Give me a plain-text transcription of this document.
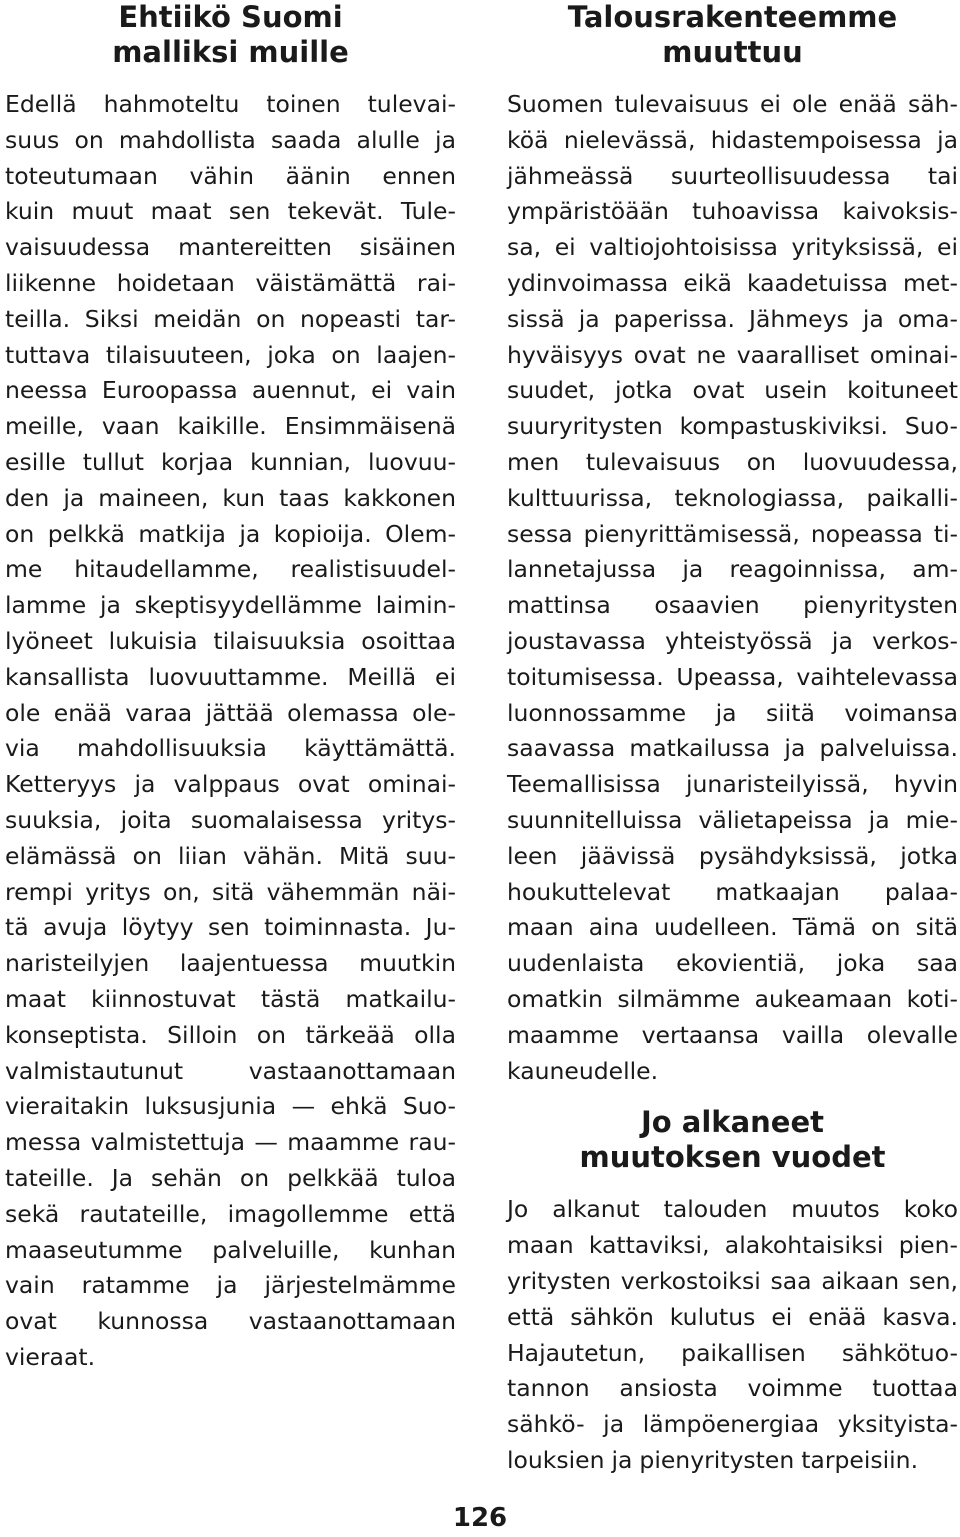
Ehtiikö Suomi
malliksi muille
Edellä hahmoteltu toinen tulevai-
suus on mahdollista saada alulle ja
toteutumaan vähin äänin ennen
kuin muut maat sen tekevät. Tule-
vaisuudessa mantereitten sisäinen
liikenne hoidetaan väistämättä rai-
teilla. Siksi meidän on nopeasti tar-
tuttava tilaisuuteen, joka on laajen-
neessa Euroopassa auennut, ei vain
meille, vaan kaikille. Ensimmäisenä
esille tullut korjaa kunnian, luovuu-
den ja maineen, kun taas kakkonen
on pelkkä matkija ja kopioija. Olem-
me hitaudellamme, realistisuudel-
lamme ja skeptisyydellämme laimin-
lyöneet lukuisia tilaisuuksia osoittaa
kansallista luovuuttamme. Meillä ei
ole enää varaa jättää olemassa ole-
via mahdollisuuksia käyttämättä.
Ketteryys ja valppaus ovat ominai-
suuksia, joita suomalaisessa yritys-
elämässä on liian vähän. Mitä suu-
rempi yritys on, sitä vähemmän näi-
tä avuja löytyy sen toiminnasta. Ju-
naristeilyjen laajentuessa muutkin
maat kiinnostuvat tästä matkailu-
konseptista. Silloin on tärkeää olla
valmistautunut vastaanottamaan
vieraitakin luksusjunia — ehkä Suo-
messa valmistettuja — maamme rau-
tateille. Ja sehän on pelkkää tuloa
sekä rautateille, imagollemme että
maaseutumme palveluille, kunhan
vain ratamme ja järjestelmämme
ovat kunnossa vastaanottamaan
vieraat.
Talousrakenteemme
muuttuu
Suomen tulevaisuus ei ole enää säh-
köä nielevässä, hidastempoisessa ja
jähmeässä suurteollisuudessa tai
ympäristöään tuhoavissa kaivoksis-
sa, ei valtiojohtoisissa yrityksissä, ei
ydinvoimassa eikä kaadetuissa met-
sissä ja paperissa. Jähmeys ja oma-
hyväisyys ovat ne vaaralliset ominai-
suudet, jotka ovat usein koituneet
suuryritysten kompastuskiviksi. Suo-
men tulevaisuus on luovuudessa,
kulttuurissa, teknologiassa, paikalli-
sessa pienyrittämisessä, nopeassa ti-
lannetajussa ja reagoinnissa, am-
mattinsa osaavien pienyritysten
joustavassa yhteistyössä ja verkos-
toitumisessa. Upeassa, vaihtelevassa
luonnossamme ja siitä voimansa
saavassa matkailussa ja palveluissa.
Teemallisissa junaristeilyissä, hyvin
suunnitelluissa välietapeissa ja mie-
leen jäävissä pysähdyksissä, jotka
houkuttelevat matkaajan palaa-
maan aina uudelleen. Tämä on sitä
uudenlaista ekovientiä, joka saa
omatkin silmämme aukeamaan koti-
maamme vertaansa vailla olevalle
kauneudelle.
Jo alkaneet
muutoksen vuodet
Jo alkanut talouden muutos koko
maan kattaviksi, alakohtaisiksi pien-
yritysten verkostoiksi saa aikaan sen,
että sähkön kulutus ei enää kasva.
Hajautetun, paikallisen sähkötuo-
tannon ansiosta voimme tuottaa
sähkö- ja lämpöenergiaa yksityista-
louksien ja pienyritysten tarpeisiin.
126
